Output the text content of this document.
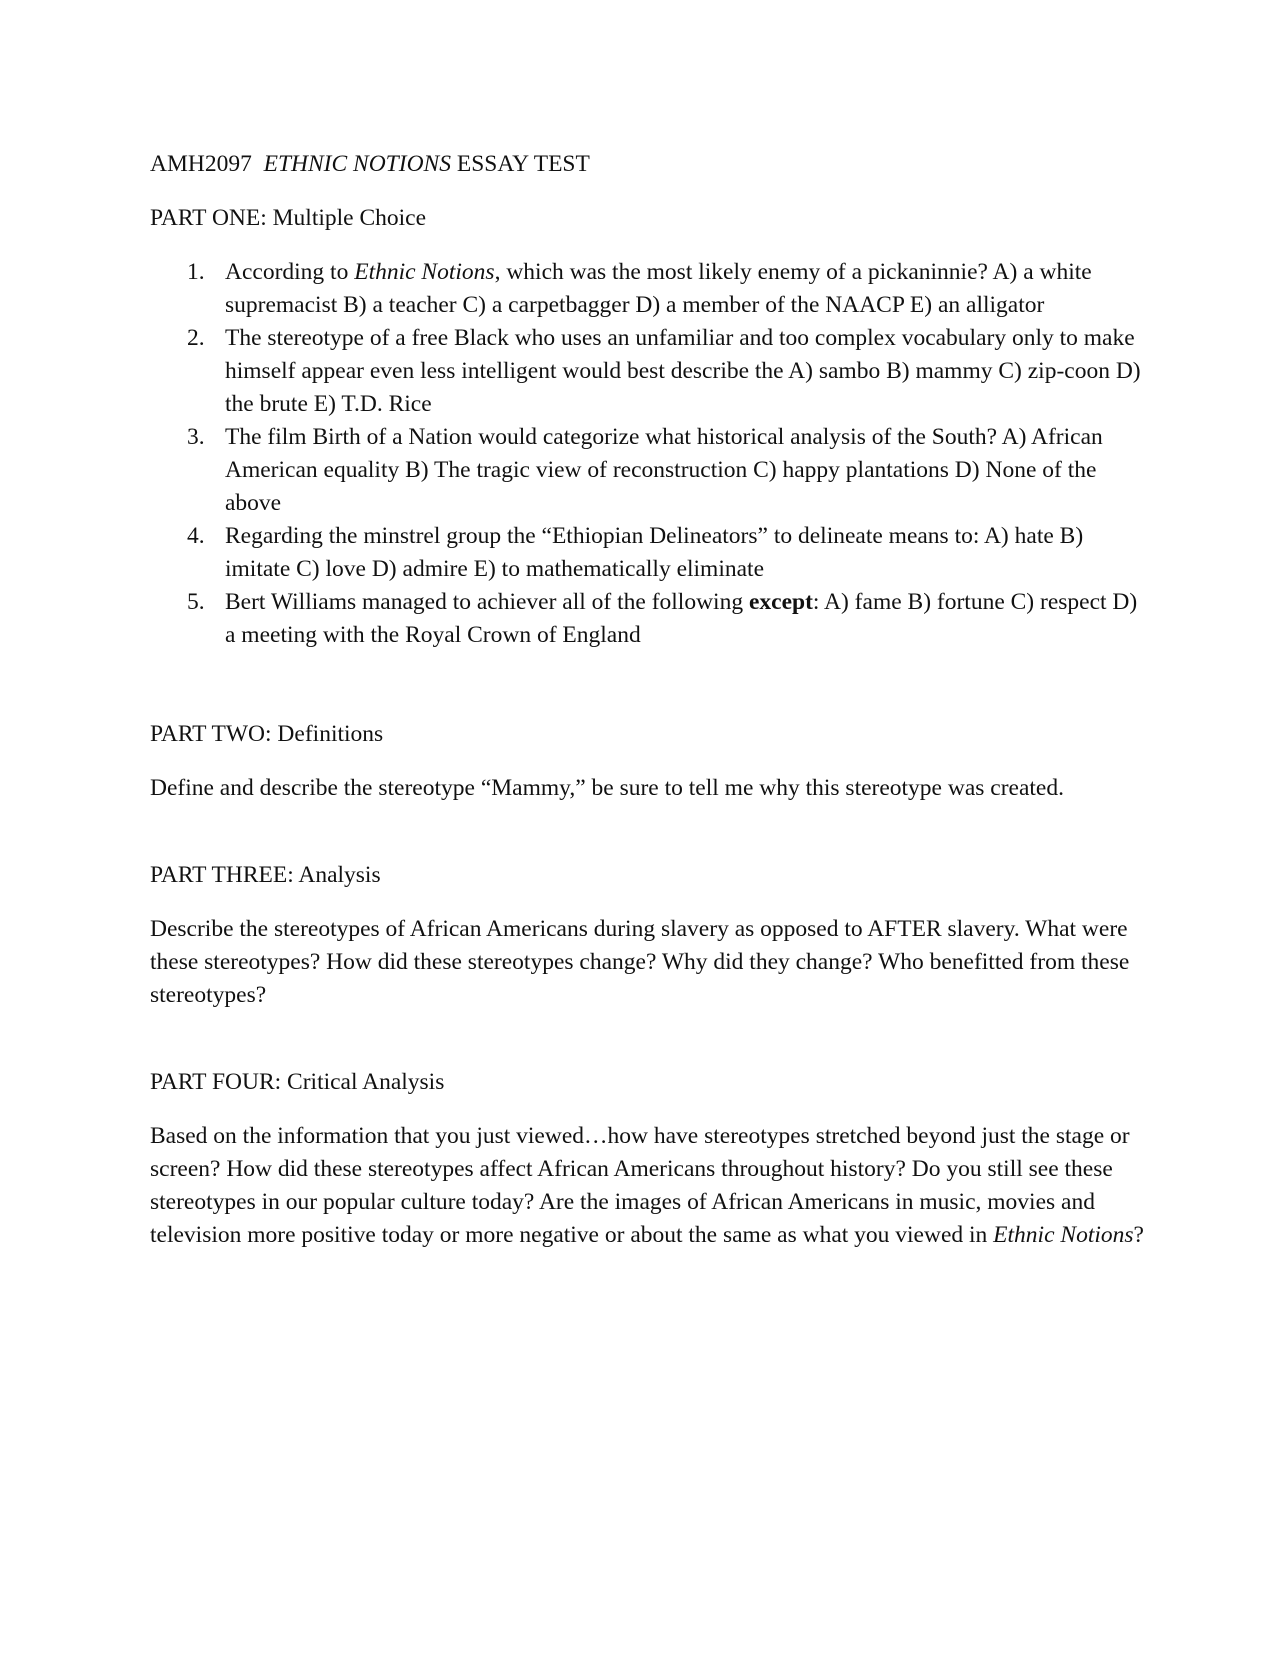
AMH2097 ETHNIC NOTIONS ESSAY TEST

PART ONE: Multiple Choice

1. According to Ethnic Notions, which was the most likely enemy of a pickaninnie? A) a white supremacist B) a teacher C) a carpetbagger D) a member of the NAACP E) an alligator
2. The stereotype of a free Black who uses an unfamiliar and too complex vocabulary only to make himself appear even less intelligent would best describe the A) sambo B) mammy C) zip-coon D) the brute E) T.D. Rice
3. The film Birth of a Nation would categorize what historical analysis of the South? A) African American equality B) The tragic view of reconstruction C) happy plantations D) None of the above
4. Regarding the minstrel group the “Ethiopian Delineators” to delineate means to: A) hate B) imitate C) love D) admire E) to mathematically eliminate
5. Bert Williams managed to achiever all of the following except: A) fame B) fortune C) respect D) a meeting with the Royal Crown of England

PART TWO: Definitions

Define and describe the stereotype “Mammy,” be sure to tell me why this stereotype was created.

PART THREE: Analysis

Describe the stereotypes of African Americans during slavery as opposed to AFTER slavery. What were these stereotypes? How did these stereotypes change? Why did they change? Who benefitted from these stereotypes?

PART FOUR: Critical Analysis

Based on the information that you just viewed…how have stereotypes stretched beyond just the stage or screen? How did these stereotypes affect African Americans throughout history? Do you still see these stereotypes in our popular culture today? Are the images of African Americans in music, movies and television more positive today or more negative or about the same as what you viewed in Ethnic Notions?
